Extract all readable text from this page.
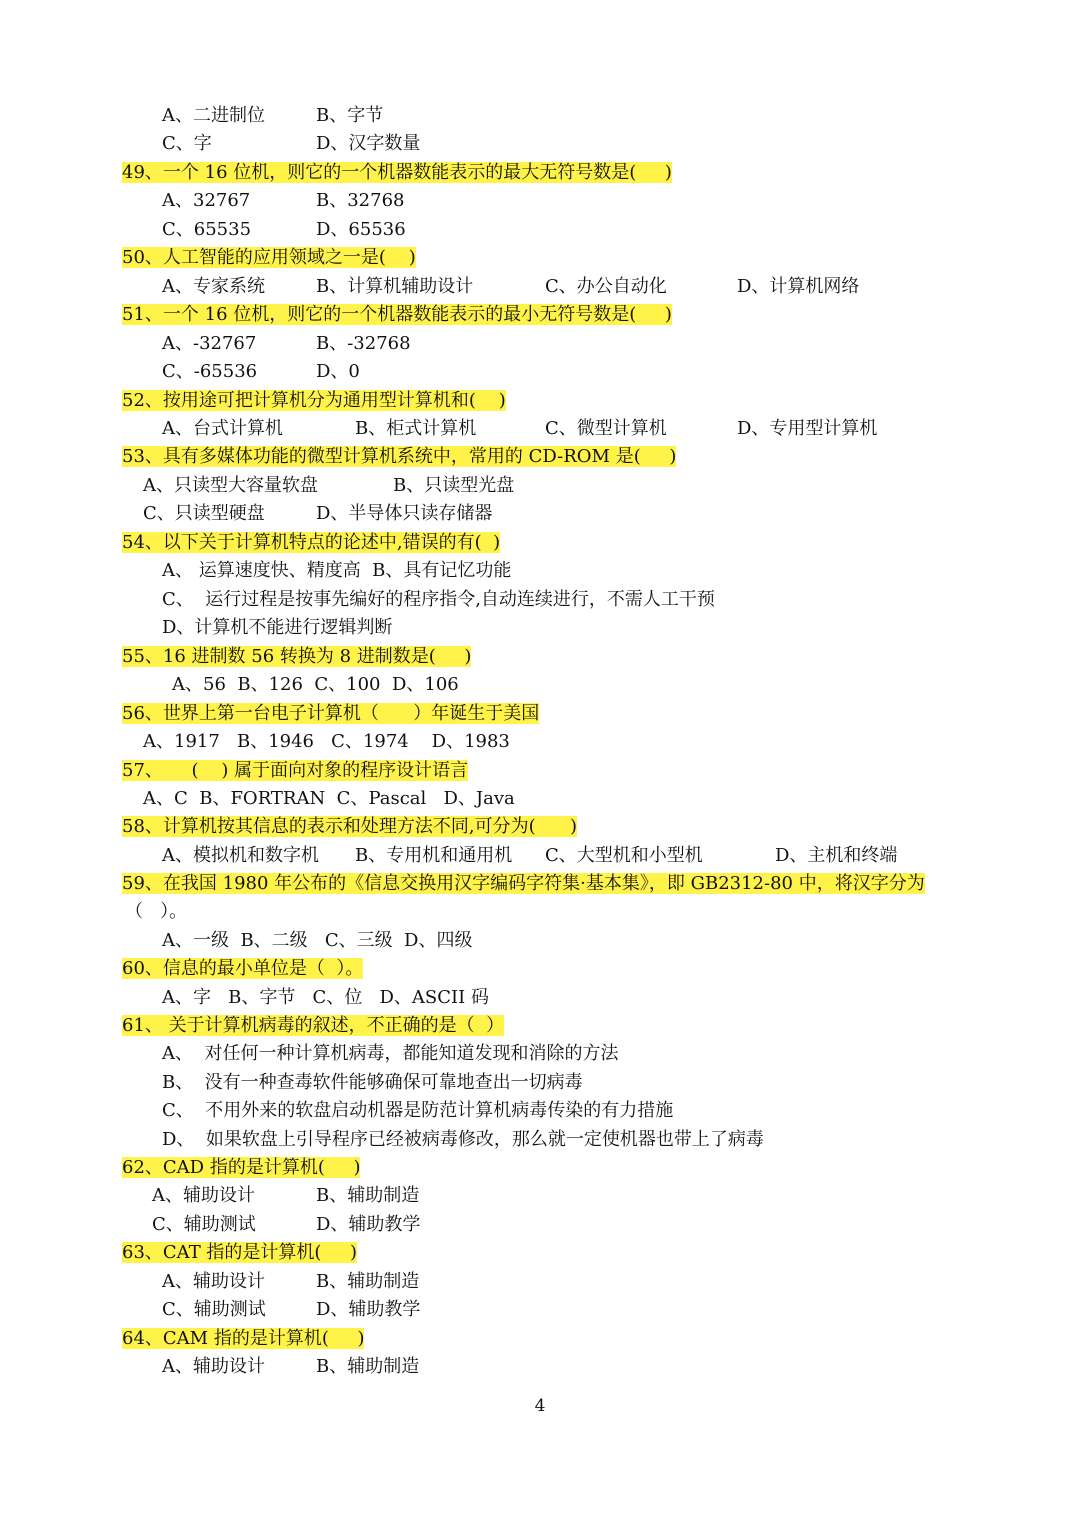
4
A、二进制位	B、字节
C、字	D、汉字数量
49、一个 16 位机，则它的一个机器数能表示的最大无符号数是(     )
A、32767	B、32768
C、65535	D、65536
50、人工智能的应用领域之一是(    )
A、专家系统	B、计算机辅助设计	C、办公自动化	D、计算机网络
51、一个 16 位机，则它的一个机器数能表示的最小无符号数是(     )
A、-32767	B、-32768
C、-65536	D、0
52、按用途可把计算机分为通用型计算机和(    )
A、台式计算机	B、柜式计算机	C、微型计算机	D、专用型计算机
53、具有多媒体功能的微型计算机系统中，常用的 CD-ROM 是(     )
A、只读型大容量软盘	B、只读型光盘
C、只读型硬盘	D、半导体只读存储器
54、以下关于计算机特点的论述中,错误的有(  )
A、 运算速度快、精度高  B、具有记忆功能
C、  运行过程是按事先编好的程序指令,自动连续进行，不需人工干预
D、计算机不能进行逻辑判断
55、16 进制数 56 转换为 8 进制数是(     )
A、56  B、126  C、100  D、106
56、世界上第一台电子计算机（      ）年诞生于美国
A、1917   B、1946   C、1974    D、1983
57、     (    ) 属于面向对象的程序设计语言
A、C  B、FORTRAN  C、Pascal   D、Java
58、计算机按其信息的表示和处理方法不同,可分为(      )
A、模拟机和数字机 B、专用机和通用机 C、大型机和小型机	D、主机和终端
59、在我国 1980 年公布的《信息交换用汉字编码字符集·基本集》，即 GB2312-80 中，将汉字分为
（   ）。
A、一级  B、二级   C、三级  D、四级
60、信息的最小单位是（  ）。
A、字   B、字节   C、位   D、ASCII 码
61、 关于计算机病毒的叙述，不正确的是（  ）
A、  对任何一种计算机病毒，都能知道发现和消除的方法
B、  没有一种查毒软件能够确保可靠地查出一切病毒
C、  不用外来的软盘启动机器是防范计算机病毒传染的有力措施
D、  如果软盘上引导程序已经被病毒修改，那么就一定使机器也带上了病毒
62、CAD 指的是计算机(     )
A、辅助设计	B、辅助制造
C、辅助测试	D、辅助教学
63、CAT 指的是计算机(     )
A、辅助设计	B、辅助制造
C、辅助测试	D、辅助教学
64、CAM 指的是计算机(     )
A、辅助设计	B、辅助制造
